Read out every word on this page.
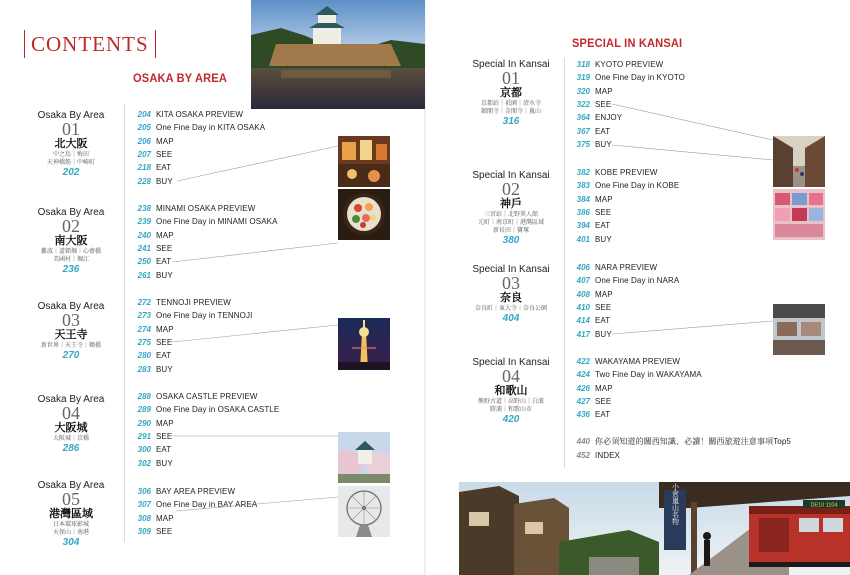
CONTENTS
OSAKA BY AREA
SPECIAL IN KANSAI
Osaka By Area
01
北大阪
中之島｜梅田
天神橋筋｜中崎町
202
Osaka By Area
02
南大阪
難波｜道頓堀｜心齋橋
美國村｜堀江
236
Osaka By Area
03
天王寺
新世界｜天王寺｜鶴橋
270
Osaka By Area
04
大阪城
大阪城｜京橋
286
Osaka By Area
05
港灣區域
日本環球影城
天保山｜南港
304
Special In Kansai
01
京都
京都站｜祇園｜清水寺
銀閣寺｜金閣寺｜嵐山
316
Special In Kansai
02
神戶
三宮站｜北野異人館
元町｜南京町｜港灣區域
新長田｜寶塚
380
Special In Kansai
03
奈良
奈良町｜東大寺｜奈良公園
404
Special In Kansai
04
和歌山
熊野古道｜高野山｜白濱
勝浦｜和歌山市
420
204 KITA OSAKA PREVIEW
205 One Fine Day in KITA OSAKA
206 MAP
207 SEE
218 EAT
228 BUY
238 MINAMI OSAKA PREVIEW
239 One Fine Day in MINAMI OSAKA
240 MAP
241 SEE
250 EAT
261 BUY
272 TENNOJI PREVIEW
273 One Fine Day in TENNOJI
274 MAP
275 SEE
280 EAT
283 BUY
288 OSAKA CASTLE PREVIEW
289 One Fine Day in OSAKA CASTLE
290 MAP
291 SEE
300 EAT
302 BUY
306 BAY AREA PREVIEW
307 One Fine Day in BAY AREA
308 MAP
309 SEE
318 KYOTO PREVIEW
319 One Fine Day in KYOTO
320 MAP
322 SEE
364 ENJOY
367 EAT
375 BUY
382 KOBE PREVIEW
383 One Fine Day in KOBE
384 MAP
386 SEE
394 EAT
401 BUY
406 NARA PREVIEW
407 One Fine Day in NARA
408 MAP
410 SEE
414 EAT
417 BUY
422 WAKAYAMA PREVIEW
424 Two Fine Day in WAKAYAMA
426 MAP
427 SEE
436 EAT
440 你必須知道的關西知識、必讀！關西旅遊注意事項Top5
452 INDEX
小倉嵐山名物	DE10 1104
